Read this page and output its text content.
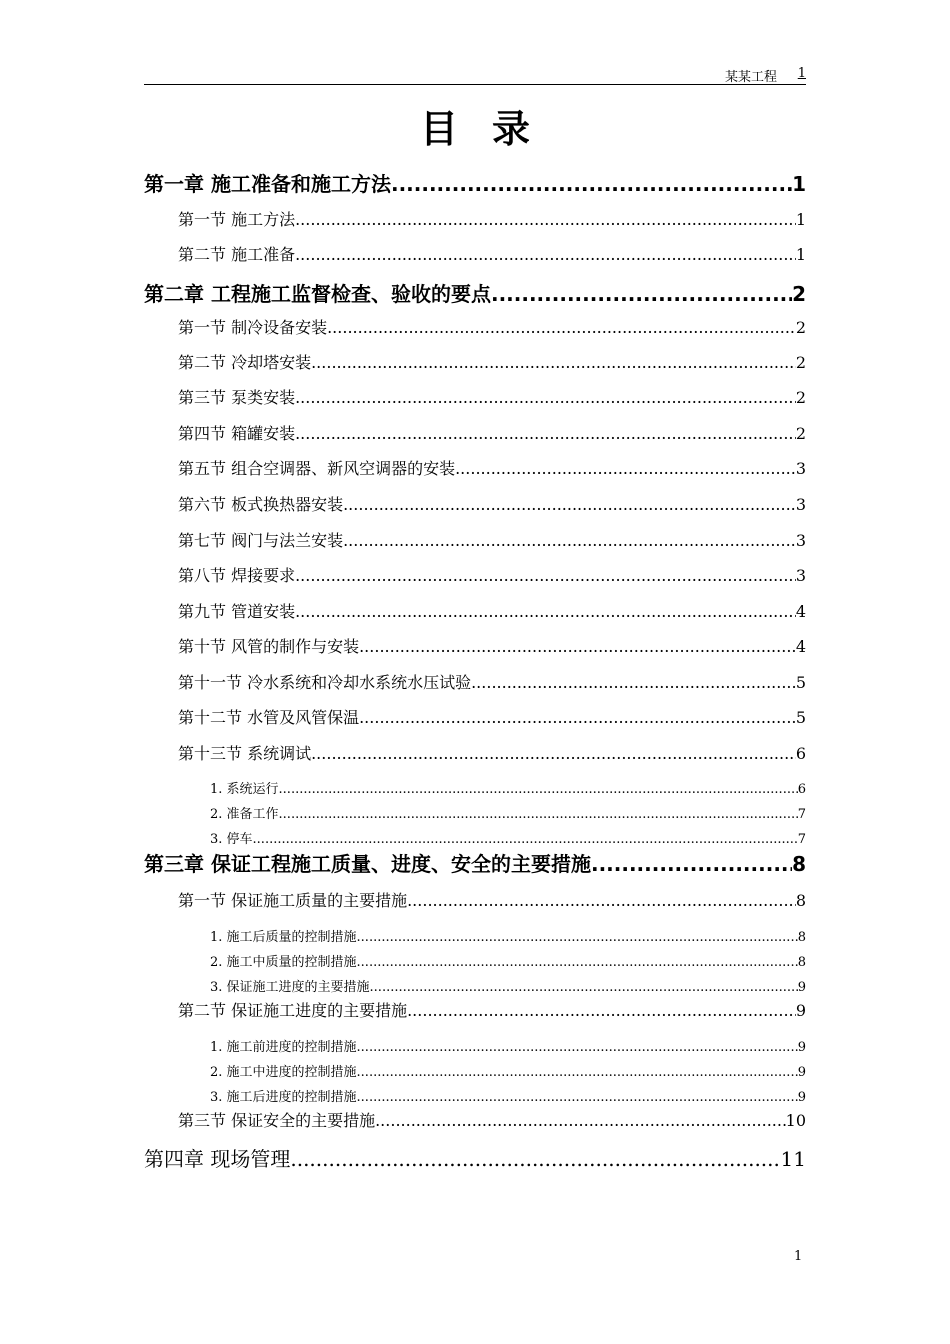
某某工程 1
目录
第一章 施工准备和施工方法 .....	1
第一节 施工方法 .....	1
第二节 施工准备 .....	1
第二章 工程施工监督检查、验收的要点 .....	2
第一节 制冷设备安装 .....	2
第二节 冷却塔安装 .....	2
第三节 泵类安装 .....	2
第四节 箱罐安装 .....	2
第五节 组合空调器、新风空调器的安装 .....	3
第六节 板式换热器安装 .....	3
第七节 阀门与法兰安装 .....	3
第八节 焊接要求 .....	3
第九节 管道安装 .....	4
第十节 风管的制作与安装 .....	4
第十一节 冷水系统和冷却水系统水压试验 .....	5
第十二节 水管及风管保温 .....	5
第十三节 系统调试 .....	6
1. 系统运行 .....	6
2. 准备工作 .....	7
3. 停车 .....	7
第三章 保证工程施工质量、进度、安全的主要措施 .....	8
第一节 保证施工质量的主要措施 .....	8
1. 施工后质量的控制措施 .....	8
2. 施工中质量的控制措施 .....	8
3. 保证施工进度的主要措施 .....	9
第二节 保证施工进度的主要措施 .....	9
1. 施工前进度的控制措施 .....	9
2. 施工中进度的控制措施 .....	9
3. 施工后进度的控制措施 .....	9
第三节 保证安全的主要措施 .....	10
第四章 现场管理 .....	11
1
